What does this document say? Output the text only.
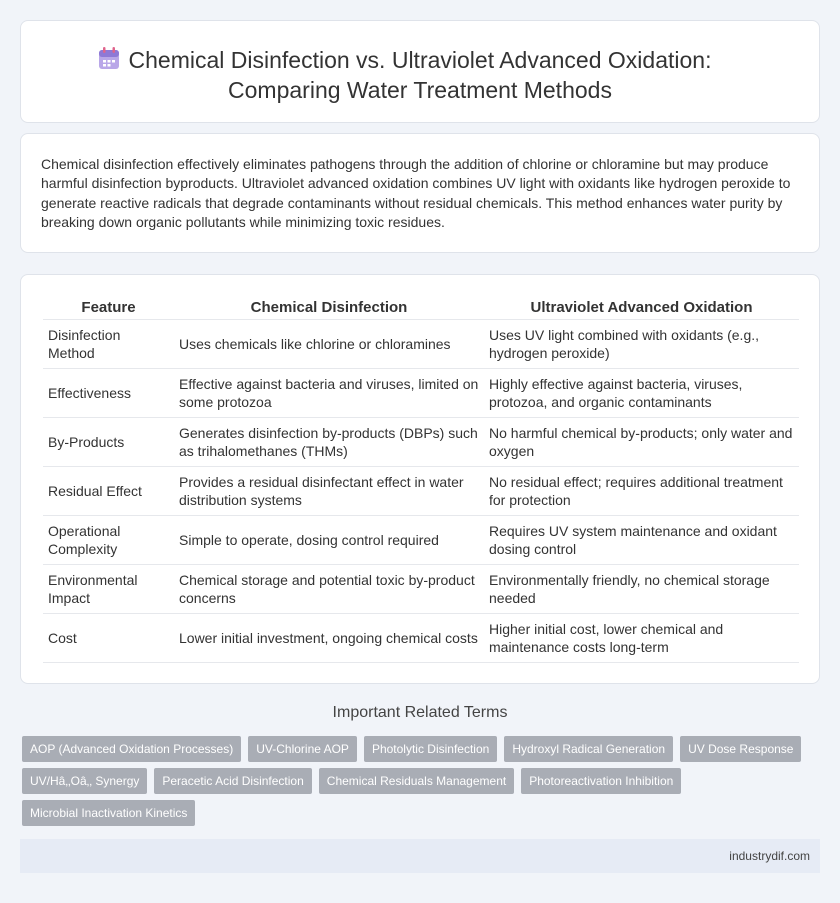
Chemical Disinfection vs. Ultraviolet Advanced Oxidation:
Comparing Water Treatment Methods

Chemical disinfection effectively eliminates pathogens through the addition of chlorine or chloramine but may produce harmful disinfection byproducts. Ultraviolet advanced oxidation combines UV light with oxidants like hydrogen peroxide to generate reactive radicals that degrade contaminants without residual chemicals. This method enhances water purity by breaking down organic pollutants while minimizing toxic residues.

Feature	Chemical Disinfection	Ultraviolet Advanced Oxidation
Disinfection Method	Uses chemicals like chlorine or chloramines	Uses UV light combined with oxidants (e.g., hydrogen peroxide)
Effectiveness	Effective against bacteria and viruses, limited on some protozoa	Highly effective against bacteria, viruses, protozoa, and organic contaminants
By-Products	Generates disinfection by-products (DBPs) such as trihalomethanes (THMs)	No harmful chemical by-products; only water and oxygen
Residual Effect	Provides a residual disinfectant effect in water distribution systems	No residual effect; requires additional treatment for protection
Operational Complexity	Simple to operate, dosing control required	Requires UV system maintenance and oxidant dosing control
Environmental Impact	Chemical storage and potential toxic by-product concerns	Environmentally friendly, no chemical storage needed
Cost	Lower initial investment, ongoing chemical costs	Higher initial cost, lower chemical and maintenance costs long-term
Important Related Terms
AOP (Advanced Oxidation Processes)	UV-Chlorine AOP	Photolytic Disinfection	Hydroxyl Radical Generation	UV Dose Response
UV/Hâ‚‚Oâ‚‚ Synergy	Peracetic Acid Disinfection	Chemical Residuals Management	Photoreactivation Inhibition
Microbial Inactivation Kinetics
industrydif.com
